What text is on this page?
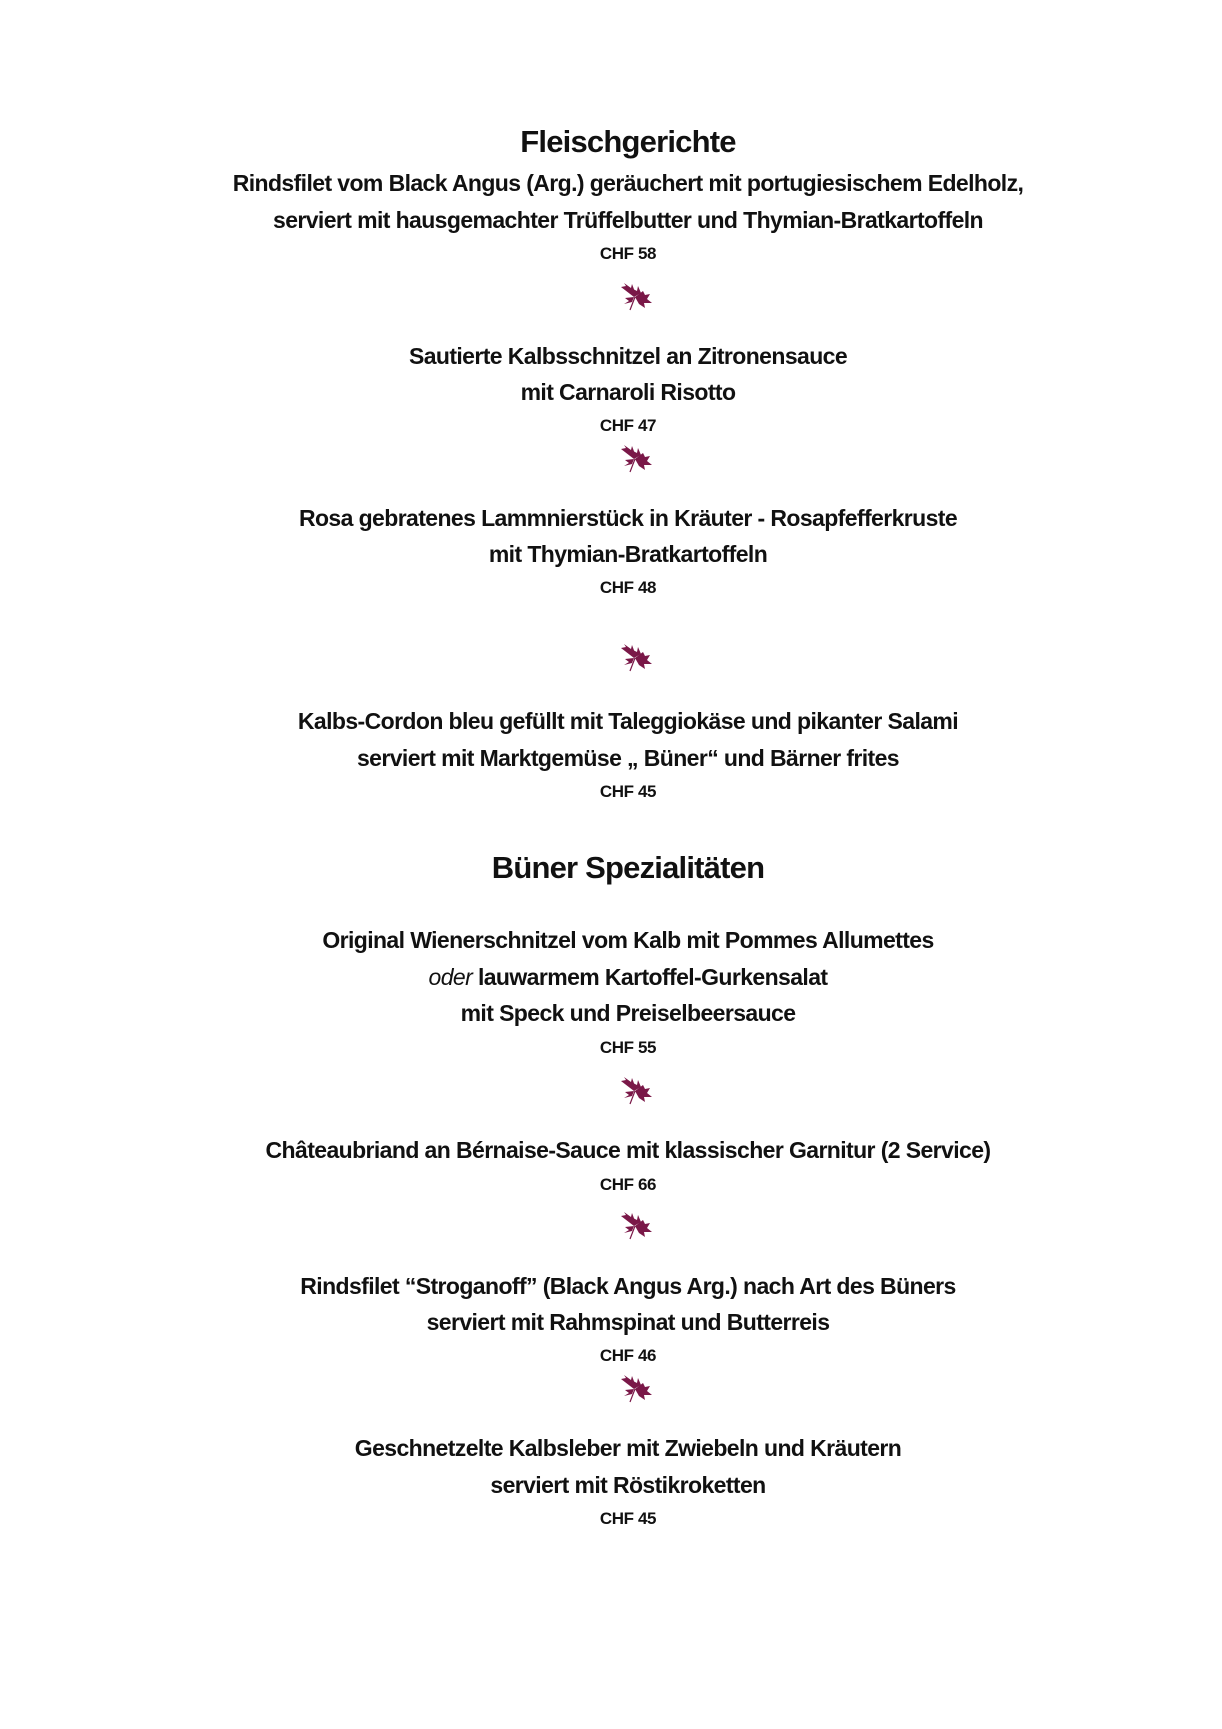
Fleischgerichte
Rindsfilet vom Black Angus (Arg.) geräuchert mit portugiesischem Edelholz,
serviert mit hausgemachter Trüffelbutter und Thymian-Bratkartoffeln
CHF 58
Sautierte Kalbsschnitzel an Zitronensauce
mit Carnaroli Risotto
CHF 47
Rosa gebratenes Lammnierstück in Kräuter - Rosapfefferkruste
mit Thymian-Bratkartoffeln
CHF 48
Kalbs-Cordon bleu gefüllt mit Taleggiokäse und pikanter Salami
serviert mit Marktgemüse „ Büner“ und Bärner frites
CHF 45
Büner Spezialitäten
Original Wienerschnitzel vom Kalb mit Pommes Allumettes
oder lauwarmem Kartoffel-Gurkensalat
mit Speck und Preiselbeersauce
CHF 55
Châteaubriand an Bérnaise-Sauce mit klassischer Garnitur (2 Service)
CHF 66
Rindsfilet “Stroganoff” (Black Angus Arg.) nach Art des Büners
serviert mit Rahmspinat und Butterreis
CHF 46
Geschnetzelte Kalbsleber mit Zwiebeln und Kräutern
serviert mit Röstikroketten
CHF 45
